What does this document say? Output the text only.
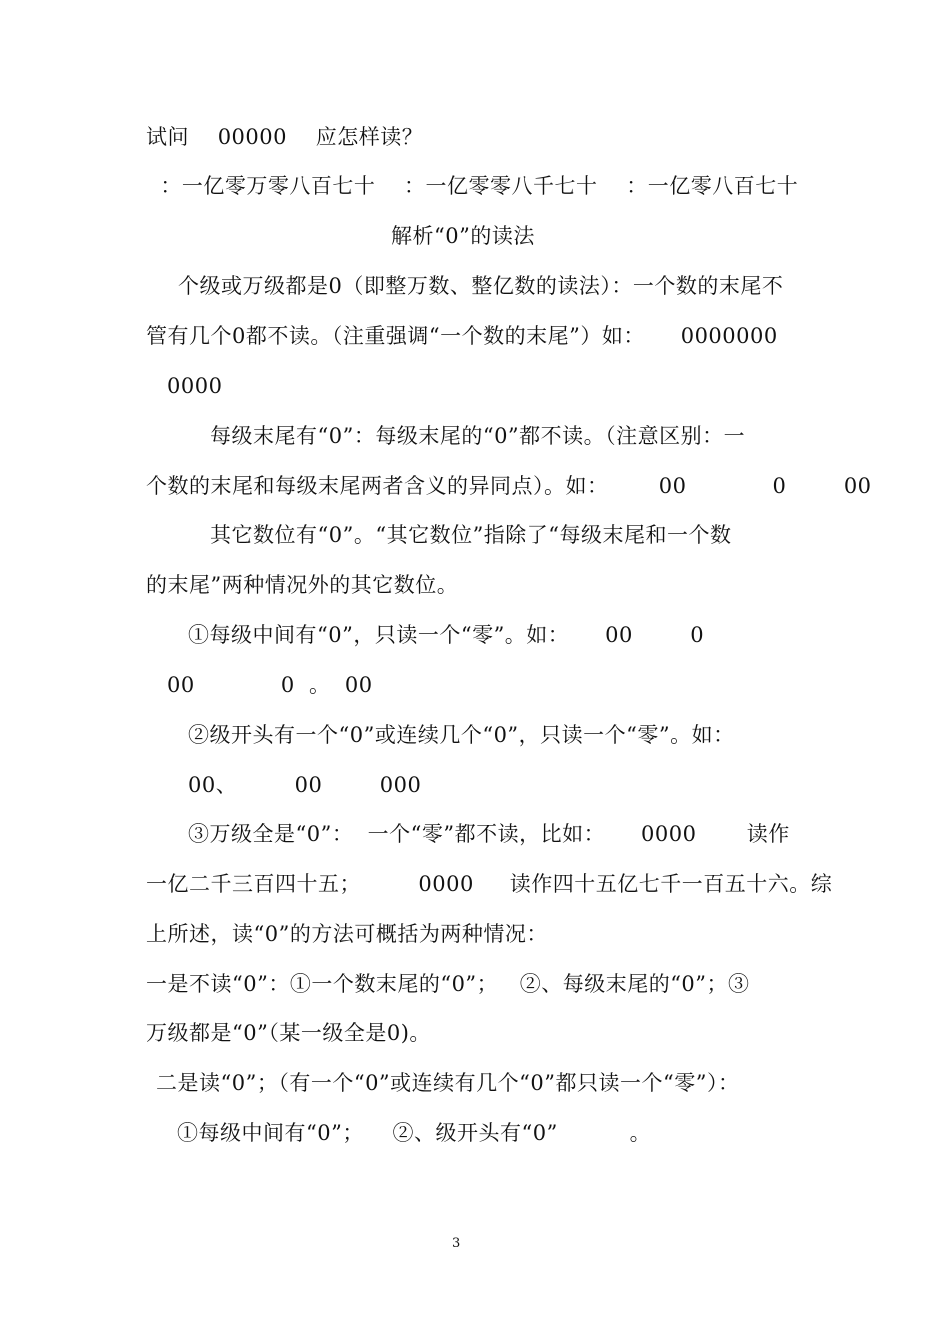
试问    00000    应怎样读？
：一亿零万零八百七十    ：一亿零零八千七十    ：一亿零八百七十
解析“0”的读法
个级或万级都是0（即整万数、整亿数的读法）：一个数的末尾不
管有几个0都不读。（注重强调“一个数的末尾”）如：     0000000
0000
每级末尾有“0”：每级末尾的“0”都不读。（注意区别：一
个数的末尾和每级末尾两者含义的异同点）。如：       00            0        00
其它数位有“0”。“其它数位”指除了“每级末尾和一个数
的末尾”两种情况外的其它数位。
①每级中间有“0”，只读一个“零”。如：     00        0
00            0  。  00
②级开头有一个“0”或连续几个“0”，只读一个“零”。如：
00、        00        000
③万级全是“0”：  一个“零”都不读，比如：     0000       读作
一亿二千三百四十五；        0000     读作四十五亿七千一百五十六。综
上所述，读“0”的方法可概括为两种情况：
一是不读“0”：①一个数末尾的“0”；   ②、每级末尾的“0”；③
万级都是“0”（某一级全是0)。
二是读“0”；（有一个“0”或连续有几个“0”都只读一个“零”）：
①每级中间有“0”；    ②、级开头有“0”          。
3
